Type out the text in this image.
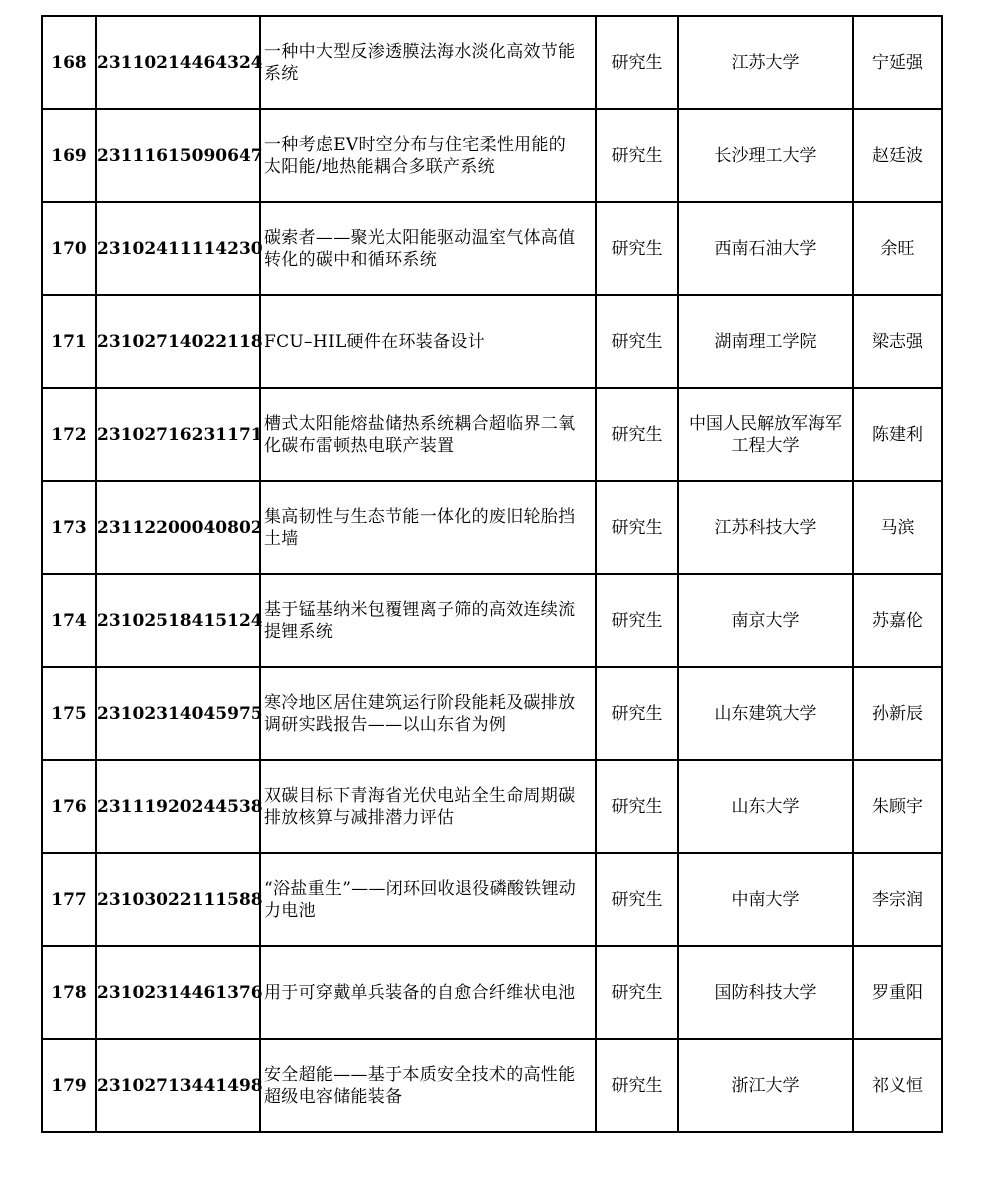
168	23110214464324	一种中大型反渗透膜法海水淡化高效节能系统	研究生	江苏大学	宁延强
169	23111615090647	一种考虑EV时空分布与住宅柔性用能的太阳能/地热能耦合多联产系统	研究生	长沙理工大学	赵廷波
170	23102411114230	碳索者——聚光太阳能驱动温室气体高值转化的碳中和循环系统	研究生	西南石油大学	余旺
171	23102714022118	FCU–HIL硬件在环装备设计	研究生	湖南理工学院	梁志强
172	23102716231171	槽式太阳能熔盐储热系统耦合超临界二氧化碳布雷顿热电联产装置	研究生	中国人民解放军海军工程大学	陈建利
173	23112200040802	集高韧性与生态节能一体化的废旧轮胎挡土墙	研究生	江苏科技大学	马滨
174	23102518415124	基于锰基纳米包覆锂离子筛的高效连续流提锂系统	研究生	南京大学	苏嘉伦
175	23102314045975	寒冷地区居住建筑运行阶段能耗及碳排放调研实践报告——以山东省为例	研究生	山东建筑大学	孙新辰
176	23111920244538	双碳目标下青海省光伏电站全生命周期碳排放核算与减排潜力评估	研究生	山东大学	朱顾宇
177	23103022111588	“浴盐重生”——闭环回收退役磷酸铁锂动力电池	研究生	中南大学	李宗润
178	23102314461376	用于可穿戴单兵装备的自愈合纤维状电池	研究生	国防科技大学	罗重阳
179	23102713441498	安全超能——基于本质安全技术的高性能超级电容储能装备	研究生	浙江大学	祁义恒
